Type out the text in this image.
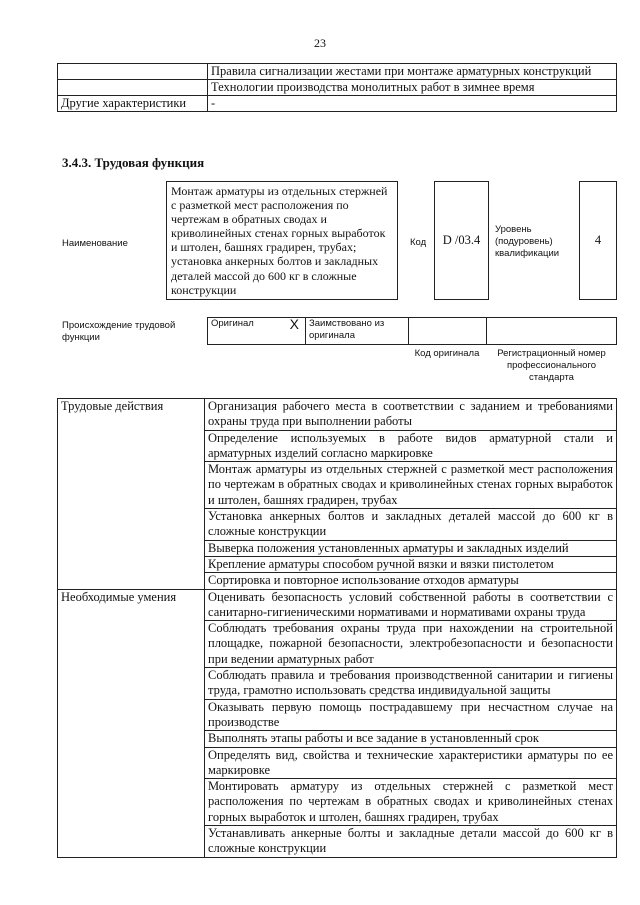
23
	Правила сигнализации жестами при монтаже арматурных конструкций
	Технологии производства монолитных работ в зимнее время
Другие характеристики	-
3.4.3. Трудовая функция
Наименование
Монтаж арматуры из отдельных стержней с разметкой мест расположения по чертежам в обратных сводах и криволинейных стенах горных выработок и штолен, башнях градирен, трубах; установка анкерных болтов и закладных деталей массой до 600 кг в сложные конструкции
Код	D /03.4
Уровень (подуровень) квалификации
4
Происхождение трудовой функции
Оригинал	X	Заимствовано из оригинала		
Код оригинала	Регистрационный номер профессионального стандарта
Трудовые действия	Организация рабочего места в соответствии с заданием и требованиями охраны труда при выполнении работы
	Определение используемых в работе видов арматурной стали и арматурных изделий согласно маркировке
	Монтаж арматуры из отдельных стержней с разметкой мест расположения по чертежам в обратных сводах и криволинейных стенах горных выработок и штолен, башнях градирен, трубах
	Установка анкерных болтов и закладных деталей массой до 600 кг в сложные конструкции
	Выверка положения установленных арматуры и закладных изделий
	Крепление арматуры способом ручной вязки и вязки пистолетом
	Сортировка и повторное использование отходов арматуры
Необходимые умения	Оценивать безопасность условий собственной работы в соответствии с санитарно-гигиеническими нормативами и нормативами охраны труда
	Соблюдать требования охраны труда при нахождении на строительной площадке, пожарной безопасности, электробезопасности и безопасности при ведении арматурных работ
	Соблюдать правила и требования производственной санитарии и гигиены труда, грамотно использовать средства индивидуальной защиты
	Оказывать первую помощь пострадавшему при несчастном случае на производстве
	Выполнять этапы работы и все задание в установленный срок
	Определять вид, свойства и технические характеристики арматуры по ее маркировке
	Монтировать арматуру из отдельных стержней с разметкой мест расположения по чертежам в обратных сводах и криволинейных стенах горных выработок и штолен, башнях градирен, трубах
	Устанавливать анкерные болты и закладные детали массой до 600 кг в сложные конструкции
